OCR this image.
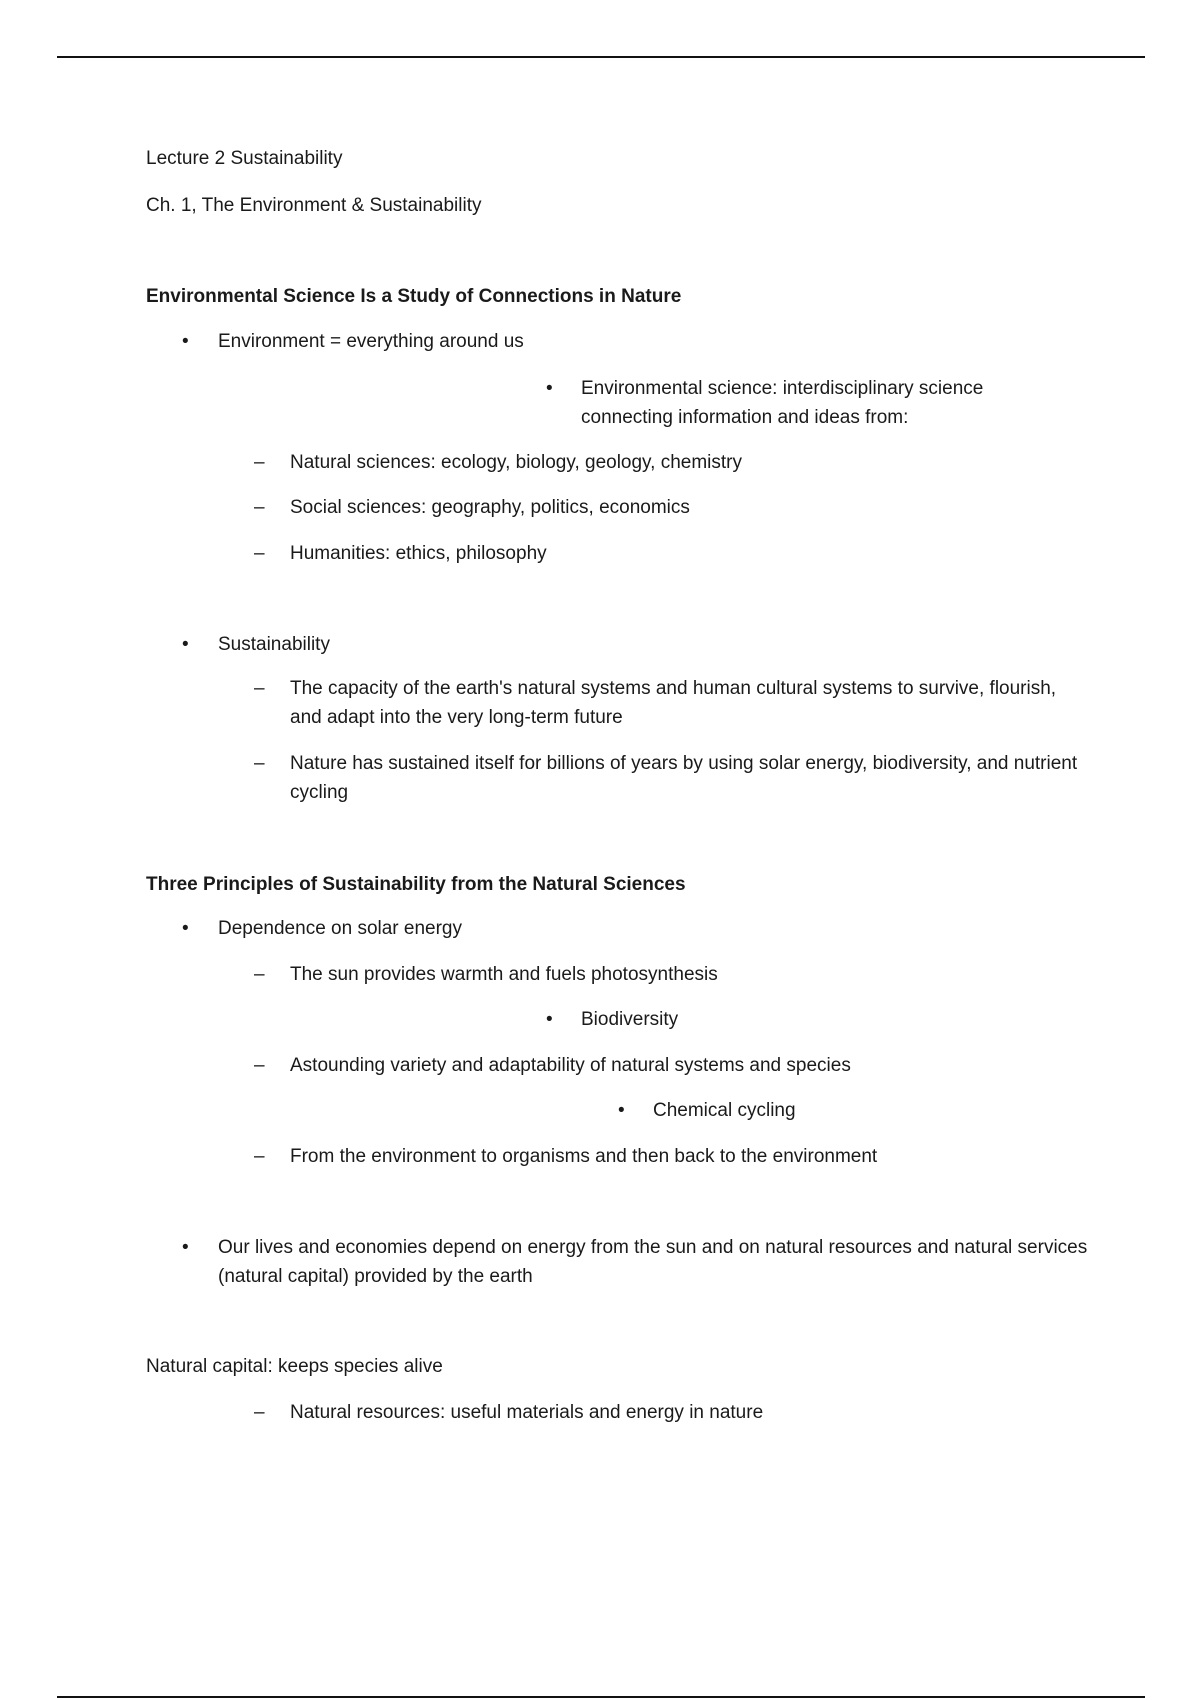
Lecture 2 Sustainability
Ch. 1, The Environment & Sustainability
Environmental Science Is a Study of Connections in Nature
• Environment = everything around us
• Environmental science: interdisciplinary science connecting information and ideas from:
– Natural sciences: ecology, biology, geology, chemistry
– Social sciences: geography, politics, economics
– Humanities: ethics, philosophy
• Sustainability
– The capacity of the earth's natural systems and human cultural systems to survive, flourish, and adapt into the very long-term future
– Nature has sustained itself for billions of years by using solar energy, biodiversity, and nutrient cycling
Three Principles of Sustainability from the Natural Sciences
• Dependence on solar energy
– The sun provides warmth and fuels photosynthesis
• Biodiversity
– Astounding variety and adaptability of natural systems and species
• Chemical cycling
– From the environment to organisms and then back to the environment
• Our lives and economies depend on energy from the sun and on natural resources and natural services (natural capital) provided by the earth
Natural capital: keeps species alive
– Natural resources: useful materials and energy in nature
